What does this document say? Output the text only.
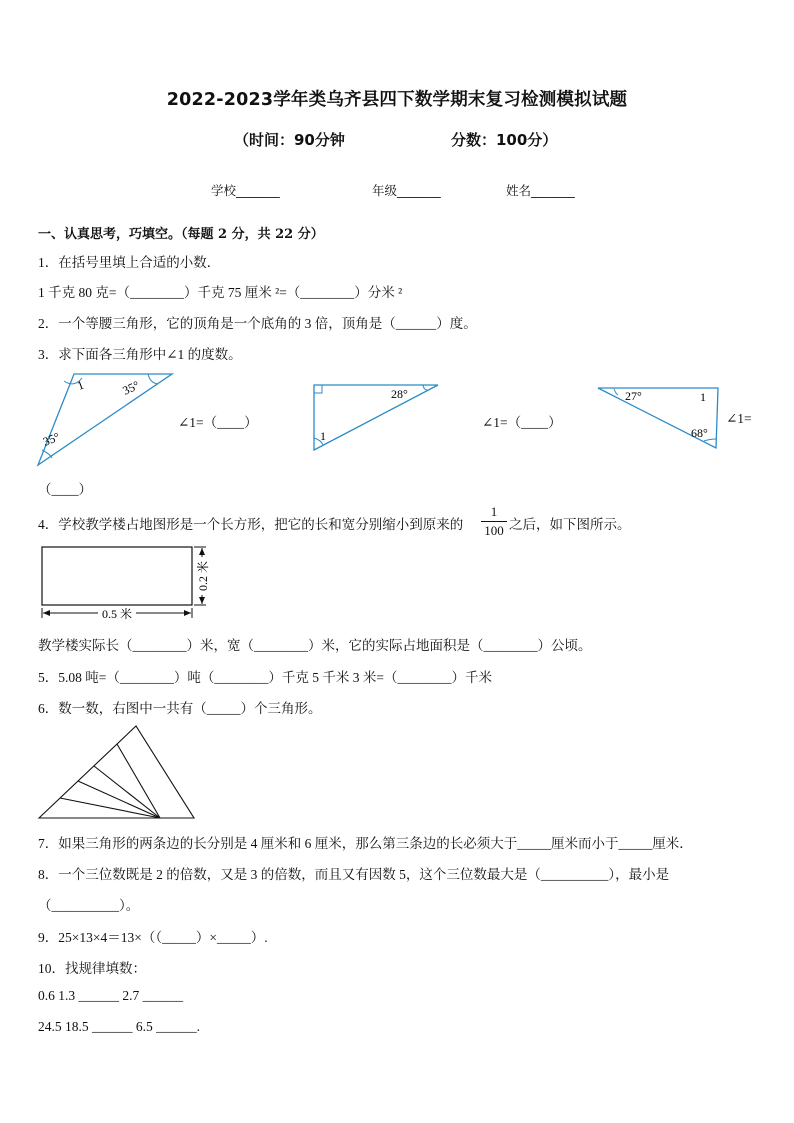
2022-2023学年类乌齐县四下数学期末复习检测模拟试题
（时间：90分钟	分数：100分）
学校_______	年级_______	姓名_______
一、认真思考，巧填空。（每题 2 分，共 22 分）
1．在括号里填上合适的小数．
1 千克 80 克=（________）千克 75 厘米 ²=（________）分米 ²
2．一个等腰三角形，它的顶角是一个底角的 3 倍，顶角是（______）度。
3．求下面各三角形中∠1 的度数。
1	35°
35°
∠1=（____）
28°
1
∠1=（____）
27°	1
68°
∠1=
（____）
4．学校教学楼占地图形是一个长方形，把它的长和宽分别缩小到原来的
1
100 之后，如下图所示。
0.5 米
0.2 米
教学楼实际长（________）米，宽（________）米，它的实际占地面积是（________）公顷。
5．5.08 吨=（________）吨（________）千克 5 千米 3 米=（________）千米
6．数一数，右图中一共有（_____）个三角形。
7．如果三角形的两条边的长分别是 4 厘米和 6 厘米，那么第三条边的长必须大于_____厘米而小于_____厘米．
8．一个三位数既是 2 的倍数，又是 3 的倍数，而且又有因数 5，这个三位数最大是（__________），最小是
（__________）。
9．25×13×4＝13×（（_____）×_____）.
10．找规律填数：
0.6 1.3 ______ 2.7 ______
24.5 18.5 ______ 6.5 ______.
